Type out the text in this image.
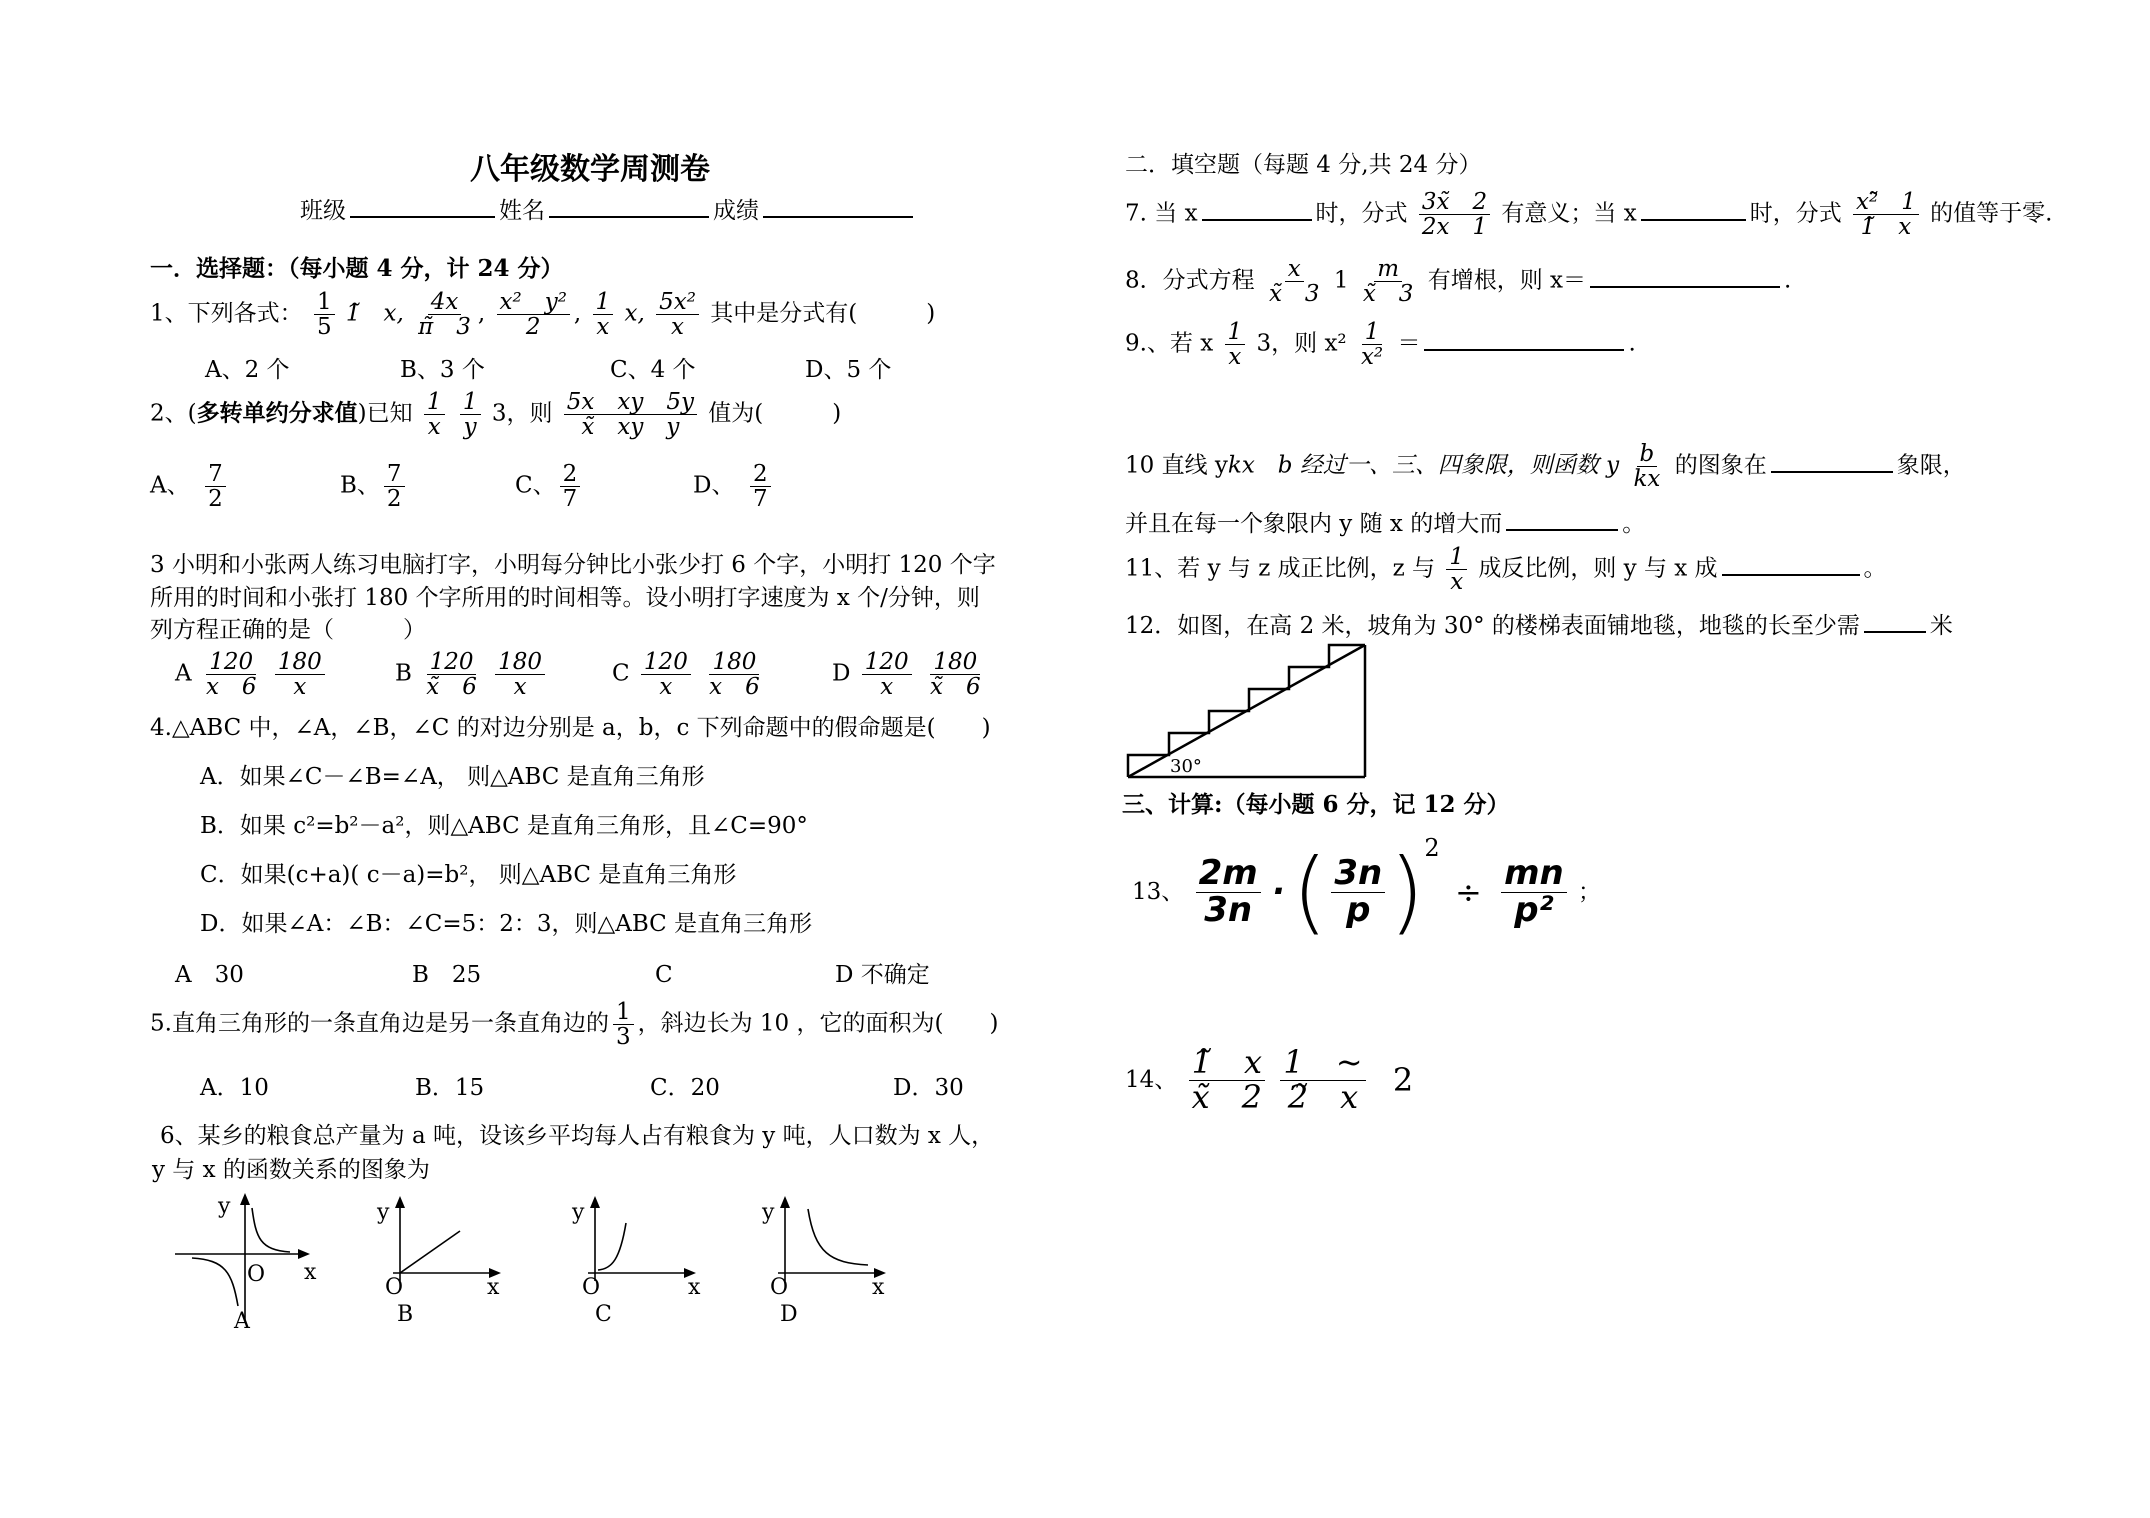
八年级数学周测卷
班级	姓名	成绩
一．选择题：（每小题 4 分，计 24 分）
1、下列各式： $\frac{1}{5}$ 1̃　x, $\frac{4x}{\pĩ 3}$ , $\frac{\text{x²　y²}}{2}$ , $\frac{1}{x} x$, $\frac{\text{5x²}}{x}$ 其中是分式有(　　　)
A、2 个	B、3 个	C、4 个	D、5 个
2、(多转单约分求值)已知 $\frac{1}{x}$
$\frac{1}{y} 3$，则 $\frac{\text{5x　xy　5y}}{\text{x̃　xy　y}}$ 值为(　　　)
A、　 $\frac{7}{2}$	B、 $\frac{7}{2}$	C、 $\frac{2}{7}$	D、　 $\frac{2}{7}$
3 小明和小张两人练习电脑打字，小明每分钟比小张少打 6 个字，小明打 120 个字
所用的时间和小张打 180 个字所用的时间相等。设小明打字速度为 x 个/分钟，则
列方程正确的是（　　　）
A $\frac{120}{x 6}$
$\frac{180}{x}$	B $\frac{120}{x̃ 6}$
$\frac{180}{x}$	C $\frac{120}{x}$
$\frac{180}{x 6}$	D $\frac{120}{x}$
$\frac{180}{x̃ 6}$
4.△ABC 中，∠A，∠B，∠C 的对边分别是 a，b，c 下列命题中的假命题是(　　)
A．如果∠C－∠B=∠A， 则△ABC 是直角三角形
B．如果 c²=b²－a²，则△ABC 是直角三角形，且∠C=90°
C．如果(c+a)( c－a)=b²， 则△ABC 是直角三角形
D．如果∠A：∠B：∠C=5：2：3，则△ABC 是直角三角形
A　30	B　25	C	D 不确定
5.直角三角形的一条直角边是另一条直角边的 $\frac{1}{3}$ ，斜边长为 10 ，它的面积为(　　)
A．10	B．15	C．20	D．30
6、某乡的粮食总产量为 a 吨，设该乡平均每人占有粮食为 y 吨，人口数为 x 人，
y 与 x 的函数关系的图象为
y
x
O
A
y
x
O
B
y
x
O
C
y
x
O
D
二．填空题（每题 4 分,共 24 分）
7. 当 x	时，分式 $\frac{3x̃ 2}{2x 1}$ 有意义；当 x	时，分式 $\frac{\text{x²̃　1}}{1̃ x}$ 的值等于零.
8．分式方程 $\frac{x}{x̃ 3} 1 \frac{m}{x̃ 3}$ 有增根，则 x＝	.
9.、若 x $\frac{1}{x} 3$，则 $x^2 \frac{1}{\text{x²}}$ ＝	.
10 直线 ykx　b 经过一、三、四象限，则函数 y $\frac{b}{kx}$ 的图象在	象限，
并且在每一个象限内 y 随 x 的增大而	。
11、若 y 与 z 成正比例，z 与 $\frac{1}{x}$ 成反比例，则 y 与 x 成	。
12．如图，在高 2 米，坡角为 30° 的楼梯表面铺地毯，地毯的长至少需	米
30°
三、计算:（每小题 6 分，记 12 分）
13、 $\frac{2m}{3n}$ · ( $\frac{3n}{p} )^2 \div \frac{mn}{\text{p²}}$ ；
14、 $\frac{1̃ x}{x̃ 2}$
$\frac{1 \sim}{2̃ x} 2$
